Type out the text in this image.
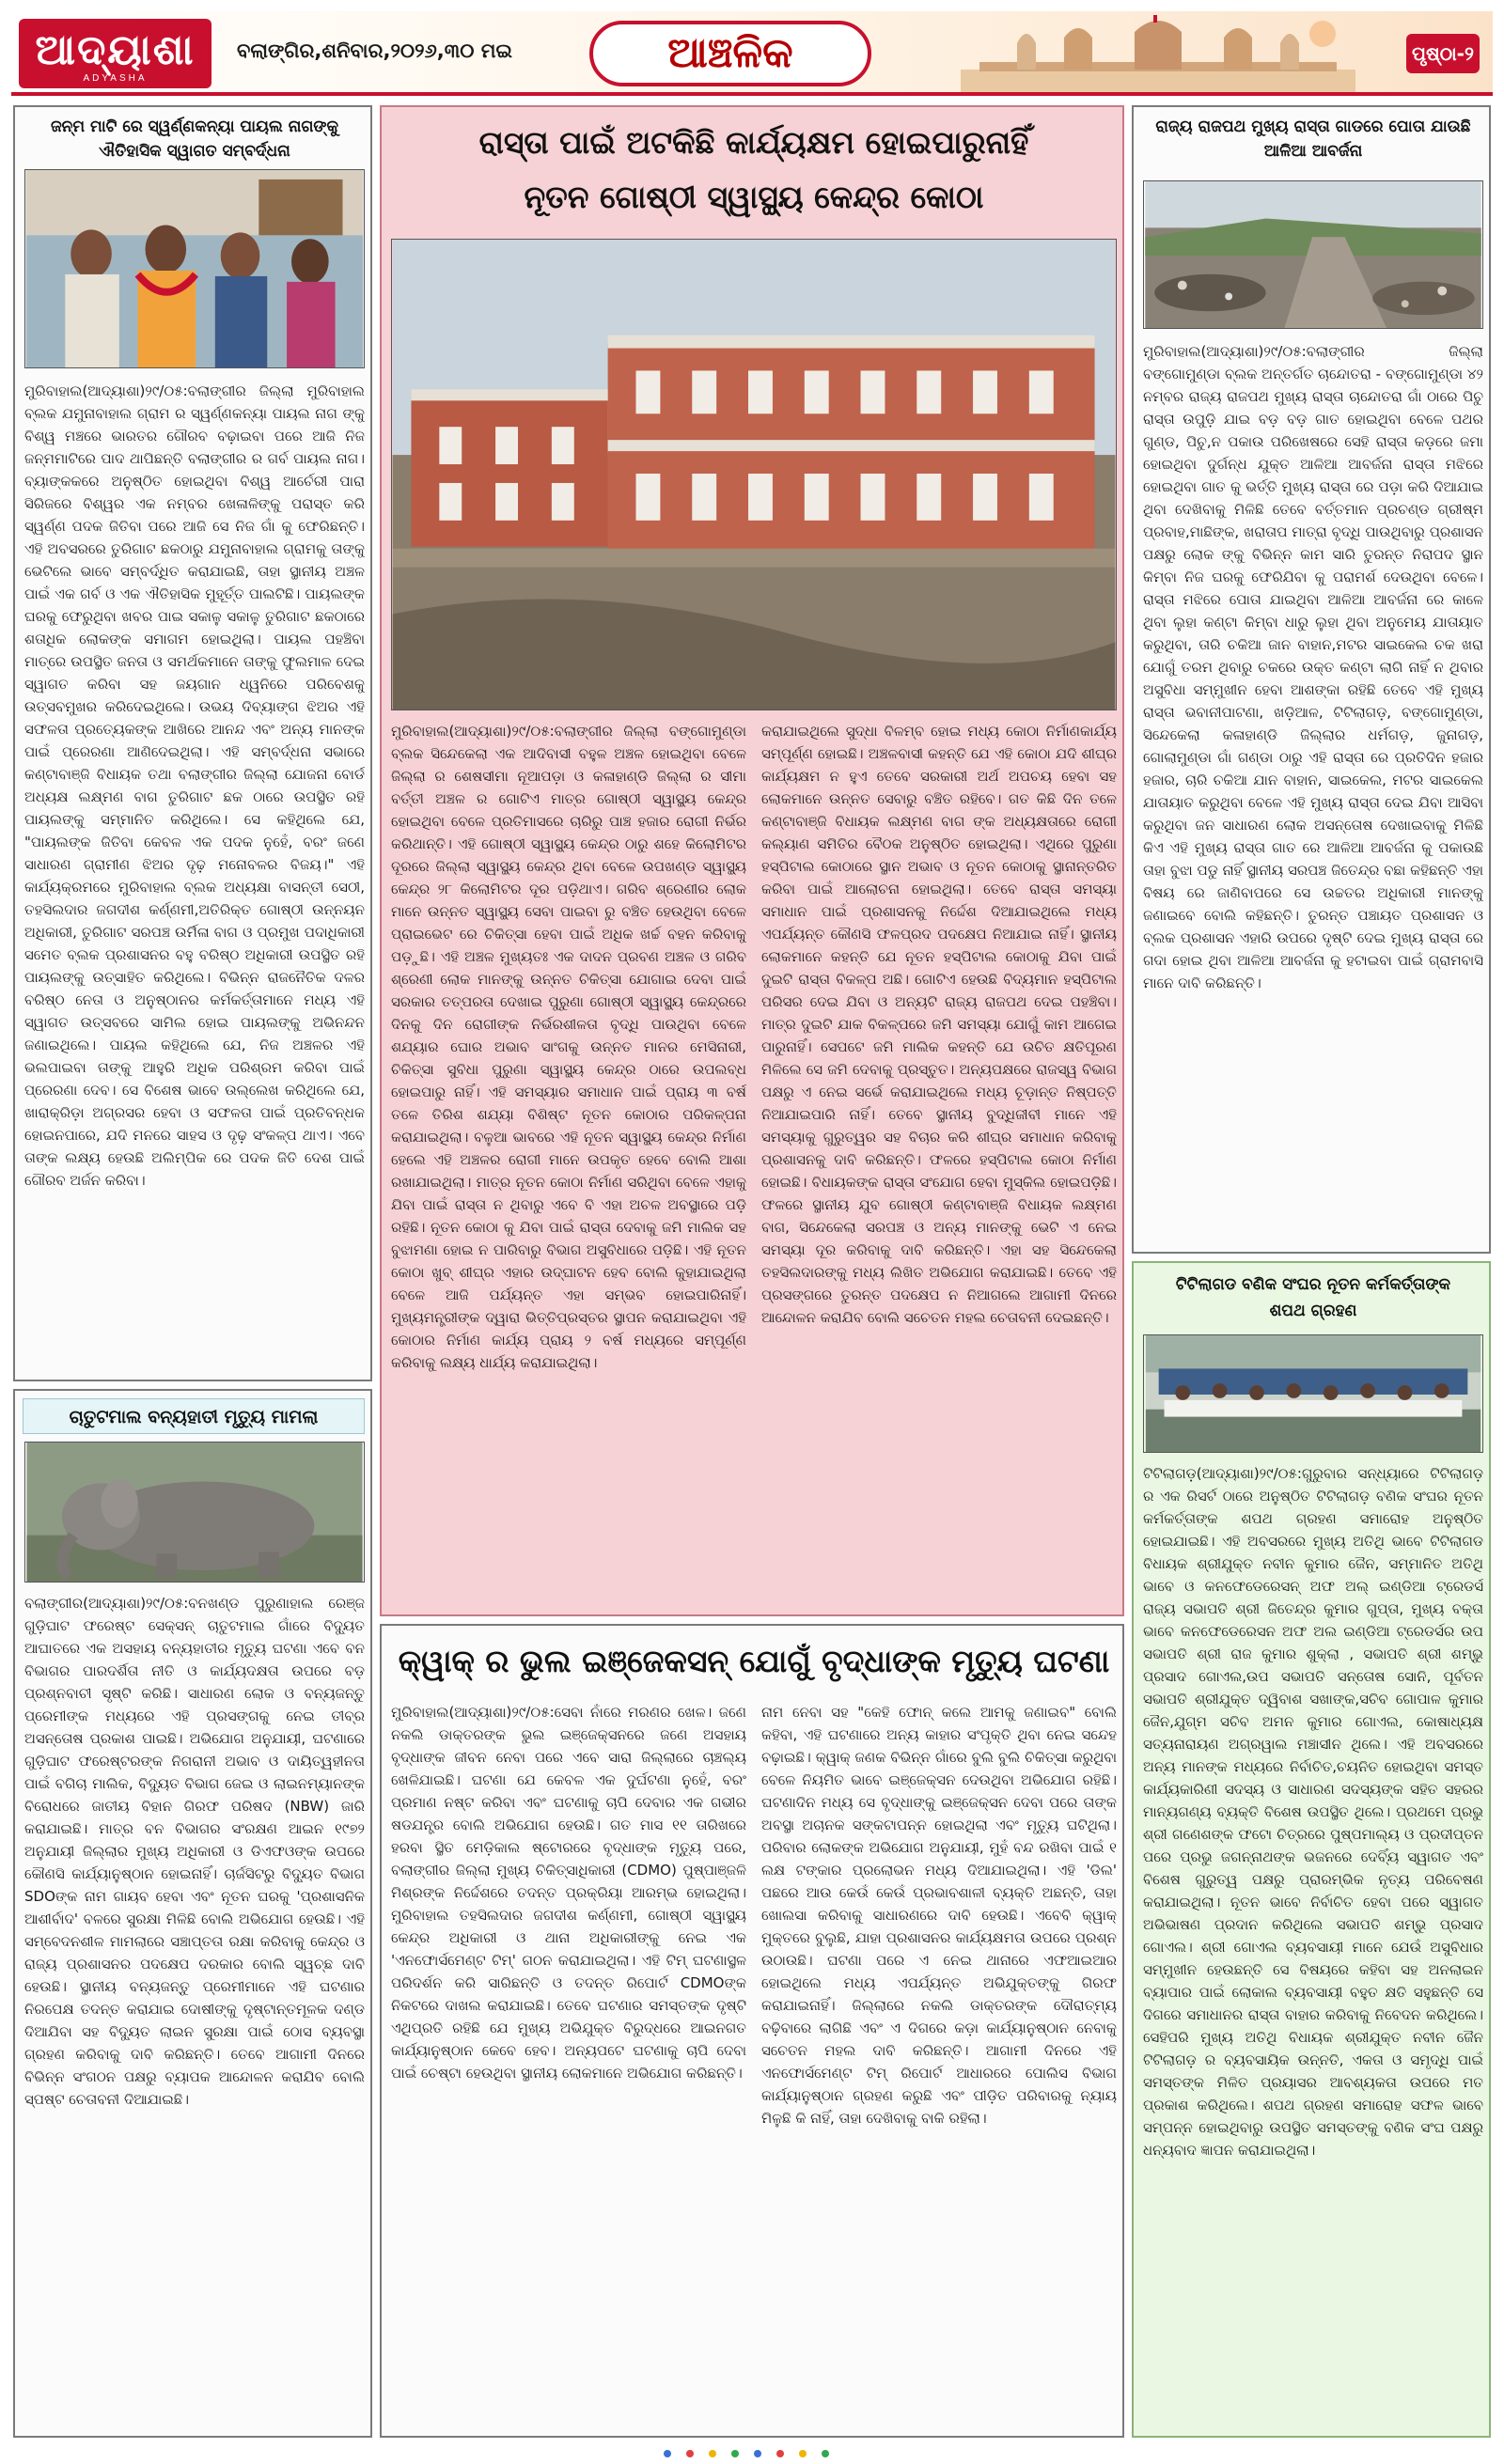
ଆଦ୍ୟାଶା
ADYASHA
ବଲାଙ୍ଗିର,ଶନିବାର,୨୦୨୬,୩୦ ମଇ	ଆଞ୍ଚଳିକ	ପୃଷ୍ଠା-୨
ଜନ୍ମ ମାଟି ରେ ସ୍ୱର୍ଣ୍ଣକନ୍ୟା ପାୟଲ ନାଗଙ୍କୁ ଐତିହାସିକ ସ୍ୱାଗତ ସମ୍ବର୍ଦ୍ଧନା
ମୁରିବାହାଲ(ଆଦ୍ୟାଶା)୨୯/୦୫:ବଲାଙ୍ଗୀର ଜିଲ୍ଲା ମୁରିବାହାଲ ବ୍ଲକ ଯମୁନାବାହାଲ ଗ୍ରାମ ର ସ୍ୱର୍ଣ୍ଣକନ୍ୟା ପାୟଲ ନାଗ ଙ୍କୁ ବିଶ୍ୱ ମଞ୍ଚରେ ଭାରତର ଗୌରବ ବଢ଼ାଇବା ପରେ ଆଜି ନିଜ ଜନ୍ମମାଟିରେ ପାଦ ଥାପିଛନ୍ତି ବଲାଙ୍ଗୀର ର ଗର୍ବ ପାୟଲ ନାଗ। ବ୍ୟାଙ୍କକରେ ଅନୁଷ୍ଠିତ ହୋଇଥିବା ବିଶ୍ୱ ଆର୍ଚେରୀ ପାରା ସିରିଜରେ ବିଶ୍ୱର ଏକ ନମ୍ବର ଖେଳାଳିଙ୍କୁ ପରାସ୍ତ କରି ସ୍ୱର୍ଣ୍ଣ ପଦକ ଜିତିବା ପରେ ଆଜି ସେ ନିଜ ଗାଁ କୁ ଫେରିଛନ୍ତି। ଏହି ଅବସରରେ ତୁରିଗାଟ ଛକଠାରୁ ଯମୁନାବାହାଲ ଗ୍ରାମକୁ ତାଙ୍କୁ ଭେଟିଲେ ଭାବେ ସମ୍ବର୍ଦ୍ଧିତ କରାଯାଇଛି, ତାହା ସ୍ଥାନୀୟ ଅଞ୍ଚଳ ପାଇଁ ଏକ ଗର୍ବ ଓ ଏକ ଐତିହାସିକ ମୁହୂର୍ତ୍ତ ପାଲଟିଛି। ପାୟଲଙ୍କ ଘରକୁ ଫେରୁଥିବା ଖବର ପାଇ ସକାଳୁ ସକାଳୁ ତୁରିଗାଟ ଛକଠାରେ ଶତାଧିକ ଲୋକଙ୍କ ସମାଗମ ହୋଇଥିଲା। ପାୟଲ ପହଞ୍ଚିବା ମାତ୍ରେ ଉପସ୍ଥିତ ଜନତା ଓ ସମର୍ଥକମାନେ ତାଙ୍କୁ ଫୁଲମାଳ ଦେଇ ସ୍ୱାଗତ କରିବା ସହ ଜୟଗାନ ଧ୍ୱନିରେ ପରିବେଶକୁ ଉତ୍ସବମୁଖର କରିଦେଇଥିଲେ। ଉଭୟ ଦିବ୍ୟାଙ୍ଗ ଝିଅର ଏହି ସଫଳତା ପ୍ରତ୍ୟେକଙ୍କ ଆଖିରେ ଆନନ୍ଦ ଏବଂ ଅନ୍ୟ ମାନଙ୍କ ପାଇଁ ପ୍ରେରଣା ଆଣିଦେଇଥିଲା। ଏହି ସମ୍ବର୍ଦ୍ଧନା ସଭାରେ କଣ୍ଟାବାଞ୍ଜି ବିଧାୟକ ତଥା ବଲାଙ୍ଗୀର ଜିଲ୍ଲା ଯୋଜନା ବୋର୍ଡ ଅଧ୍ୟକ୍ଷ ଲକ୍ଷ୍ମଣ ବାଗ ତୁରିଗାଟ ଛକ ଠାରେ ଉପସ୍ଥିତ ରହି ପାୟଲଙ୍କୁ ସମ୍ମାନିତ କରିଥିଲେ। ସେ କହିଥିଲେ ଯେ, "ପାୟଲଙ୍କ ଜିତିବା କେବଳ ଏକ ପଦକ ନୁହେଁ, ବରଂ ଜଣେ ସାଧାରଣ ଗ୍ରାମୀଣ ଝିଅର ଦୃଢ଼ ମନୋବଳର ବିଜୟ।" ଏହି କାର୍ଯ୍ୟକ୍ରମରେ ମୁରିବାହାଲ ବ୍ଲକ ଅଧ୍ୟକ୍ଷା ବାସନ୍ତୀ ସେଠୀ, ତହସିଲଦାର ଜଗଦୀଶ କର୍ଣ୍ଣମୀ,ଅତିରିକ୍ତ ଗୋଷ୍ଠୀ ଉନ୍ନୟନ ଅଧିକାରୀ, ତୁରିଗାଟ ସରପଞ୍ଚ ଉର୍ମିଳା ବାଗ ଓ ପ୍ରମୁଖ ପଦାଧିକାରୀ ସମେତ ବ୍ଲକ ପ୍ରଶାସନର ବହୁ ବରିଷ୍ଠ ଅଧିକାରୀ ଉପସ୍ଥିତ ରହି ପାୟଲଙ୍କୁ ଉତ୍ସାହିତ କରିଥିଲେ। ବିଭିନ୍ନ ରାଜନୈତିକ ଦଳର ବରିଷ୍ଠ ନେତା ଓ ଅନୁଷ୍ଠାନର କର୍ମକର୍ତ୍ତାମାନେ ମଧ୍ୟ ଏହି ସ୍ୱାଗତ ଉତ୍ସବରେ ସାମିଲ ହୋଇ ପାୟଲଙ୍କୁ ଅଭିନନ୍ଦନ ଜଣାଇଥିଲେ। ପାୟଲ କହିଥିଲେ ଯେ, ନିଜ ଅଞ୍ଚଳର ଏହି ଭଲପାଇବା ତାଙ୍କୁ ଆହୁରି ଅଧିକ ପରିଶ୍ରମ କରିବା ପାଇଁ ପ୍ରେରଣା ଦେବ। ସେ ବିଶେଷ ଭାବେ ଉଲ୍ଲେଖ କରିଥିଲେ ଯେ, ଖାରାକ୍ରିଡ଼ା ଅଗ୍ରସର ହେବା ଓ ସଫଳତା ପାଇଁ ପ୍ରତିବନ୍ଧକ ହୋଇନପାରେ, ଯଦି ମନରେ ସାହସ ଓ ଦୃଢ଼ ସଂକଳ୍ପ ଥାଏ। ଏବେ ତାଙ୍କ ଲକ୍ଷ୍ୟ ହେଉଛି ଅଲିମ୍ପିକ ରେ ପଦକ ଜିତି ଦେଶ ପାଇଁ ଗୌରବ ଅର୍ଜନ କରିବା।
ଚାତୁଟମାଲ ବନ୍ୟହାତୀ ମୃତ୍ୟୁ ମାମଲା
ବଲାଙ୍ଗୀର(ଆଦ୍ୟାଶା)୨୯/୦୫:ବନଖଣ୍ଡ ପୁରୁଣାହାଲ ରେଞ୍ଜ ଗୁଡ଼ିଘାଟ ଫରେଷ୍ଟ ସେକ୍ସନ୍ ଚାତୁଟମାଲ ଗାଁରେ ବିଦ୍ୟୁତ ଆଘାତରେ ଏକ ଅସହାୟ ବନ୍ୟହାତୀର ମୃତ୍ୟୁ ଘଟଣା ଏବେ ବନ ବିଭାଗର ପାରଦର୍ଶିତା ନୀତି ଓ କାର୍ଯ୍ୟଦକ୍ଷତା ଉପରେ ବଡ଼ ପ୍ରଶ୍ନବାଚୀ ସୃଷ୍ଟି କରିଛି। ସାଧାରଣ ଲୋକ ଓ ବନ୍ୟଜନ୍ତୁ ପ୍ରେମୀଙ୍କ ମଧ୍ୟରେ ଏହି ପ୍ରସଙ୍ଗକୁ ନେଇ ତୀବ୍ର ଅସନ୍ତୋଷ ପ୍ରକାଶ ପାଇଛି। ଅଭିଯୋଗ ଅନୁଯାୟୀ, ଘଟଣାରେ ଗୁଡ଼ିଘାଟ ଫରେଷ୍ଟରଙ୍କ ନିଗରାନୀ ଅଭାବ ଓ ଦାୟିତ୍ୱହୀନତା ପାଇଁ ବଗିଚା ମାଲିକ, ବିଦ୍ୟୁତ ବିଭାଗ ଜେଇ ଓ ଲାଇନମ୍ୟାନଙ୍କ ବିରୋଧରେ ଜାତୀୟ ବିହାନ ଗିରଫ ପରିଷଦ (NBW) ଜାରି କରାଯାଇଛି। ମାତ୍ର ବନ ବିଭାଗର ସଂରକ୍ଷଣ ଆଇନ ୧୯୭୨ ଅନୁଯାୟୀ ଜିଲ୍ଲାର ମୁଖ୍ୟ ଅଧିକାରୀ ଓ ଡିଏଫଓଙ୍କ ଉପରେ କୌଣସି କାର୍ଯ୍ୟାନୁଷ୍ଠାନ ହୋଇନାହିଁ। ଚାର୍ଜସିଟରୁ ବିଦ୍ୟୁତ ବିଭାଗ SDOଙ୍କ ନାମ ଗାୟବ ହେବା ଏବଂ ନୂତନ ଘରକୁ 'ପ୍ରଶାସନିକ ଆଶୀର୍ବାଦ' ବଳରେ ସୁରକ୍ଷା ମିଳିଛି ବୋଲି ଅଭିଯୋଗ ହେଉଛି। ଏହି ସମ୍ବେଦନଶୀଳ ମାମଲାରେ ସଞ୍ଚାପ୍ତତା ରକ୍ଷା କରିବାକୁ କେନ୍ଦ୍ର ଓ ରାଜ୍ୟ ପ୍ରଶାସନର ପଦକ୍ଷେପ ଦରକାର ବୋଲି ସ୍ୱଚ୍ଛ ଦାବି ହେଉଛି। ସ୍ଥାନୀୟ ବନ୍ୟଜନ୍ତୁ ପ୍ରେମୀମାନେ ଏହି ଘଟଣାର ନିରପେକ୍ଷ ତଦନ୍ତ କରାଯାଇ ଦୋଷୀଙ୍କୁ ଦୃଷ୍ଟାନ୍ତମୂଳକ ଦଣ୍ଡ ଦିଆଯିବା ସହ ବିଦ୍ୟୁତ ଲାଇନ ସୁରକ୍ଷା ପାଇଁ ଠୋସ ବ୍ୟବସ୍ଥା ଗ୍ରହଣ କରିବାକୁ ଦାବି କରିଛନ୍ତି। ତେବେ ଆଗାମୀ ଦିନରେ ବିଭିନ୍ନ ସଂଗଠନ ପକ୍ଷରୁ ବ୍ୟାପକ ଆନ୍ଦୋଳନ କରାଯିବ ବୋଲି ସ୍ପଷ୍ଟ ଚେତାବନୀ ଦିଆଯାଇଛି।
ରାସ୍ତା ପାଇଁ ଅଟକିଛି କାର୍ଯ୍ୟକ୍ଷମ ହୋଇପାରୁନାହିଁ
ନୂତନ ଗୋଷ୍ଠୀ ସ୍ୱାସ୍ଥ୍ୟ କେନ୍ଦ୍ର କୋଠା
ମୁରିବାହାଲ(ଆଦ୍ୟାଶା)୨୯/୦୫:ବଲାଙ୍ଗୀର ଜିଲ୍ଲା ବଙ୍ଗୋମୁଣ୍ଡା ବ୍ଲକ ସିନ୍ଦେକେଲା ଏକ ଆଦିବାସୀ ବହୁଳ ଅଞ୍ଚଳ ହୋଇଥିବା ବେଳେ ଜିଲ୍ଲା ର ଶେଷସୀମା ନୂଆପଡ଼ା ଓ କଳାହାଣ୍ଡି ଜିଲ୍ଲା ର ସୀମା ବର୍ତ୍ତୀ ଅଞ୍ଚଳ ର ଗୋଟିଏ ମାତ୍ର ଗୋଷ୍ଠୀ ସ୍ୱାସ୍ଥ୍ୟ କେନ୍ଦ୍ର ହୋଇଥିବା ବେଳେ ପ୍ରତିମାସରେ ଚାରିରୁ ପାଞ୍ଚ ହଜାର ରୋଗୀ ନିର୍ଭର କରିଥାନ୍ତି। ଏହି ଗୋଷ୍ଠୀ ସ୍ୱାସ୍ଥ୍ୟ କେନ୍ଦ୍ର ଠାରୁ ଶହେ କିଲୋମିଟର ଦୂରରେ ଜିଲ୍ଲା ସ୍ୱାସ୍ଥ୍ୟ କେନ୍ଦ୍ର ଥିବା ବେଳେ ଉପଖଣ୍ଡ ସ୍ୱାସ୍ଥ୍ୟ କେନ୍ଦ୍ର ୨୮ କିଲୋମିଟର ଦୂର ପଡ଼ିଥାଏ। ଗରିବ ଶ୍ରେଣୀର ଲୋକ ମାନେ ଉନ୍ନତ ସ୍ୱାସ୍ଥ୍ୟ ସେବା ପାଇବା ରୁ ବଞ୍ଚିତ ହେଉଥିବା ବେଳେ ପ୍ରାଇଭେଟ ରେ ଚିକିତ୍ସା ହେବା ପାଇଁ ଅଧିକ ଖର୍ଚ୍ଚ ବହନ କରିବାକୁ ପଡ଼ୁଛି। ଏହି ଅଞ୍ଚଳ ମୁଖ୍ୟତଃ ଏକ ଦାଦନ ପ୍ରବଣ ଅଞ୍ଚଳ ଓ ଗରିବ ଶ୍ରେଣୀ ଲୋକ ମାନଙ୍କୁ ଉନ୍ନତ ଚିକିତ୍ସା ଯୋଗାଇ ଦେବା ପାଇଁ ସରକାର ତତ୍ପରତା ଦେଖାଇ ପୁରୁଣା ଗୋଷ୍ଠୀ ସ୍ୱାସ୍ଥ୍ୟ କେନ୍ଦ୍ରରେ ଦିନକୁ ଦିନ ରୋଗୀଙ୍କ ନିର୍ଭରଶୀଳତା ବୃଦ୍ଧି ପାଉଥିବା ବେଳେ ଶଯ୍ୟାର ଘୋର ଅଭାବ ସାଂଗକୁ ଉନ୍ନତ ମାନର ମେସିନାରୀ, ଚିକିତ୍ସା ସୁବିଧା ପୁରୁଣା ସ୍ୱାସ୍ଥ୍ୟ କେନ୍ଦ୍ର ଠାରେ ଉପଲବ୍ଧ ହୋଇପାରୁ ନାହିଁ। ଏହି ସମସ୍ୟାର ସମାଧାନ ପାଇଁ ପ୍ରାୟ ୩ ବର୍ଷ ତଳେ ତିରିଶ ଶଯ୍ୟା ବିଶିଷ୍ଟ ନୂତନ କୋଠାର ପରିକଳ୍ପନା କରାଯାଇଥିଲା। ବଳୁଆ ଭାବରେ ଏହି ନୂତନ ସ୍ୱାସ୍ଥ୍ୟ କେନ୍ଦ୍ର ନିର୍ମାଣ ହେଲେ ଏହି ଅଞ୍ଚଳର ରୋଗୀ ମାନେ ଉପକୃତ ହେବେ ବୋଲି ଆଶା ରଖାଯାଇଥିଲା। ମାତ୍ର ନୂତନ କୋଠା ନିର୍ମାଣ ସରିଥିବା ବେଳେ ଏହାକୁ ଯିବା ପାଇଁ ରାସ୍ତା ନ ଥିବାରୁ ଏବେ ବି ଏହା ଅଚଳ ଅବସ୍ଥାରେ ପଡ଼ି ରହିଛି। ନୂତନ କୋଠା କୁ ଯିବା ପାଇଁ ରାସ୍ତା ଦେବାକୁ ଜମି ମାଲିକ ସହ ବୁଝାମଣା ହୋଇ ନ ପାରିବାରୁ ବିଭାଗ ଅସୁବିଧାରେ ପଡ଼ିଛି। ଏହି ନୂତନ କୋଠା ଖୁବ୍ ଶୀଘ୍ର ଏହାର ଉଦ୍‌ଘାଟନ ହେବ ବୋଲି କୁହାଯାଇଥିଲା ବେଳେ ଆଜି ପର୍ଯ୍ୟନ୍ତ ଏହା ସମ୍ଭବ ହୋଇପାରିନାହିଁ। ମୁଖ୍ୟମନ୍ତ୍ରୀଙ୍କ ଦ୍ୱାରା ଭିତ୍ତିପ୍ରସ୍ତର ସ୍ଥାପନ କରାଯାଇଥିବା ଏହି କୋଠାର ନିର୍ମାଣ କାର୍ଯ୍ୟ ପ୍ରାୟ ୨ ବର୍ଷ ମଧ୍ୟରେ ସମ୍ପୂର୍ଣ୍ଣ କରିବାକୁ ଲକ୍ଷ୍ୟ ଧାର୍ଯ୍ୟ କରାଯାଇଥିଲା।
କରାଯାଇଥିଲେ ସୁଦ୍ଧା ବିଳମ୍ବ ହୋଇ ମଧ୍ୟ କୋଠା ନିର୍ମାଣକାର୍ଯ୍ୟ ସମ୍ପୂର୍ଣ୍ଣ ହୋଇଛି। ଅଞ୍ଚଳବାସୀ କହନ୍ତି ଯେ ଏହି କୋଠା ଯଦି ଶୀଘ୍ର କାର୍ଯ୍ୟକ୍ଷମ ନ ହୁଏ ତେବେ ସରକାରୀ ଅର୍ଥ ଅପଚୟ ହେବା ସହ ଲୋକମାନେ ଉନ୍ନତ ସେବାରୁ ବଞ୍ଚିତ ରହିବେ। ଗତ କିଛି ଦିନ ତଳେ କଣ୍ଟାବାଞ୍ଜି ବିଧାୟକ ଲକ୍ଷ୍ମଣ ବାଗ ଙ୍କ ଅଧ୍ୟକ୍ଷତାରେ ରୋଗୀ କଲ୍ୟାଣ ସମିତିର ବୈଠକ ଅନୁଷ୍ଠିତ ହୋଇଥିଲା। ଏଥିରେ ପୁରୁଣା ହସ୍ପିଟାଲ କୋଠାରେ ସ୍ଥାନ ଅଭାବ ଓ ନୂତନ କୋଠାକୁ ସ୍ଥାନାନ୍ତରିତ କରିବା ପାଇଁ ଆଲୋଚନା ହୋଇଥିଲା। ତେବେ ରାସ୍ତା ସମସ୍ୟା ସମାଧାନ ପାଇଁ ପ୍ରଶାସନକୁ ନିର୍ଦ୍ଦେଶ ଦିଆଯାଇଥିଲେ ମଧ୍ୟ ଏପର୍ଯ୍ୟନ୍ତ କୌଣସି ଫଳପ୍ରଦ ପଦକ୍ଷେପ ନିଆଯାଇ ନାହିଁ। ସ୍ଥାନୀୟ ଲୋକମାନେ କହନ୍ତି ଯେ ନୂତନ ହସ୍ପିଟାଲ କୋଠାକୁ ଯିବା ପାଇଁ ଦୁଇଟି ରାସ୍ତା ବିକଳ୍ପ ଅଛି। ଗୋଟିଏ ହେଉଛି ବିଦ୍ୟମାନ ହସ୍ପିଟାଲ ପରିସର ଦେଇ ଯିବା ଓ ଅନ୍ୟଟି ରାଜ୍ୟ ରାଜପଥ ଦେଇ ପହଞ୍ଚିବା। ମାତ୍ର ଦୁଇଟି ଯାକ ବିକଳ୍ପରେ ଜମି ସମସ୍ୟା ଯୋଗୁଁ କାମ ଆଗେଇ ପାରୁନାହିଁ। ସେପଟେ ଜମି ମାଲିକ କହନ୍ତି ଯେ ଉଚିତ କ୍ଷତିପୂରଣ ମିଳିଲେ ସେ ଜମି ଦେବାକୁ ପ୍ରସ୍ତୁତ। ଅନ୍ୟପକ୍ଷରେ ରାଜସ୍ୱ ବିଭାଗ ପକ୍ଷରୁ ଏ ନେଇ ସର୍ଭେ କରାଯାଇଥିଲେ ମଧ୍ୟ ଚୂଡ଼ାନ୍ତ ନିଷ୍ପତ୍ତି ନିଆଯାଇପାରି ନାହିଁ। ତେବେ ସ୍ଥାନୀୟ ବୁଦ୍ଧିଜୀବୀ ମାନେ ଏହି ସମସ୍ୟାକୁ ଗୁରୁତ୍ୱର ସହ ବିଚାର କରି ଶୀଘ୍ର ସମାଧାନ କରିବାକୁ ପ୍ରଶାସନକୁ ଦାବି କରିଛନ୍ତି। ଫଳରେ ହସ୍ପିଟାଲ କୋଠା ନିର୍ମାଣ ହୋଇଛି। ବିଧାୟକଙ୍କ ରାସ୍ତା ସଂଯୋଗ ହେବା ମୁସ୍କିଲ ହୋଇପଡ଼ିଛି। ଫଳରେ ସ୍ଥାନୀୟ ଯୁବ ଗୋଷ୍ଠୀ କଣ୍ଟାବାଞ୍ଜି ବିଧାୟକ ଲକ୍ଷ୍ମଣ ବାଗ, ସିନ୍ଦେକେଲା ସରପଞ୍ଚ ଓ ଅନ୍ୟ ମାନଙ୍କୁ ଭେଟି ଏ ନେଇ ସମସ୍ୟା ଦୂର କରିବାକୁ ଦାବି କରିଛନ୍ତି। ଏହା ସହ ସିନ୍ଦେକେଲା ତହସିଲଦାରଙ୍କୁ ମଧ୍ୟ ଲିଖିତ ଅଭିଯୋଗ କରାଯାଇଛି। ତେବେ ଏହି ପ୍ରସଙ୍ଗରେ ତୁରନ୍ତ ପଦକ୍ଷେପ ନ ନିଆଗଲେ ଆଗାମୀ ଦିନରେ ଆନ୍ଦୋଳନ କରାଯିବ ବୋଲି ସଚେତନ ମହଲ ଚେତାବନୀ ଦେଇଛନ୍ତି।
କ୍ୱାକ୍ ର ଭୁଲ ଇଞ୍ଜେକସନ୍ ଯୋଗୁଁ ବୃଦ୍ଧାଙ୍କ ମୃତ୍ୟୁ ଘଟଣା
ମୁରିବାହାଲ(ଆଦ୍ୟାଶା)୨୯/୦୫:ସେବା ନାଁରେ ମରଣର ଖେଳ। ଜଣେ ନକଲି ଡାକ୍ତରଙ୍କ ଭୁଲ ଇଞ୍ଜେକ୍ସନରେ ଜଣେ ଅସହାୟ ବୃଦ୍ଧାଙ୍କ ଜୀବନ ନେବା ପରେ ଏବେ ସାରା ଜିଲ୍ଲାରେ ଚାଞ୍ଚଲ୍ୟ ଖେଳିଯାଇଛି। ଘଟଣା ଯେ କେବଳ ଏକ ଦୁର୍ଘଟଣା ନୁହେଁ, ବରଂ ପ୍ରମାଣ ନଷ୍ଟ କରିବା ଏବଂ ଘଟଣାକୁ ଚାପି ଦେବାର ଏକ ଗଭୀର ଷଡଯନ୍ତ୍ର ବୋଲି ଅଭିଯୋଗ ହେଉଛି। ଗତ ମାସ ୧୧ ତାରିଖରେ ହରବା ସ୍ଥିତ ମେଡ଼ିକାଲ ଷ୍ଟୋରରେ ବୃଦ୍ଧାଙ୍କ ମୃତ୍ୟୁ ପରେ, ବଲାଙ୍ଗୀର ଜିଲ୍ଲା ମୁଖ୍ୟ ଚିକିତ୍ସାଧିକାରୀ (CDMO) ପୁଷ୍ପାଞ୍ଜଳି ମିଶ୍ରଙ୍କ ନିର୍ଦ୍ଦେଶରେ ତଦନ୍ତ ପ୍ରକ୍ରିୟା ଆରମ୍ଭ ହୋଇଥିଲା। ମୁରିବାହାଲ ତହସିଲଦାର ଜଗଦୀଶ କର୍ଣ୍ଣମୀ, ଗୋଷ୍ଠୀ ସ୍ୱାସ୍ଥ୍ୟ କେନ୍ଦ୍ର ଅଧିକାରୀ ଓ ଥାନା ଅଧିକାରୀଙ୍କୁ ନେଇ ଏକ 'ଏନଫୋର୍ସମେଣ୍ଟ ଟିମ୍' ଗଠନ କରାଯାଇଥିଲା। ଏହି ଟିମ୍ ଘଟଣାସ୍ଥଳ ପରିଦର୍ଶନ କରି ସାରିଛନ୍ତି ଓ ତଦନ୍ତ ରିପୋର୍ଟ CDMOଙ୍କ ନିକଟରେ ଦାଖଲ କରାଯାଇଛି। ତେବେ ଘଟଣାର ସମସ୍ତଙ୍କ ଦୃଷ୍ଟି ଏଥିପ୍ରତି ରହିଛି ଯେ ମୁଖ୍ୟ ଅଭିଯୁକ୍ତ ବିରୁଦ୍ଧରେ ଆଇନଗତ କାର୍ଯ୍ୟାନୁଷ୍ଠାନ କେବେ ହେବ। ଅନ୍ୟପଟେ ଘଟଣାକୁ ଚାପି ଦେବା ପାଇଁ ଚେଷ୍ଟା ହେଉଥିବା ସ୍ଥାନୀୟ ଲୋକମାନେ ଅଭିଯୋଗ କରିଛନ୍ତି।
ନାମ ନେବା ସହ "କେହି ଫୋନ୍ କଲେ ଆମକୁ ଜଣାଇବ" ବୋଲି କହିବା, ଏହି ଘଟଣାରେ ଅନ୍ୟ କାହାର ସଂପୃକ୍ତି ଥିବା ନେଇ ସନ୍ଦେହ ବଢ଼ାଇଛି। କ୍ୱାକ୍ ଜଣକ ବିଭିନ୍ନ ଗାଁରେ ବୁଲି ବୁଲି ଚିକିତ୍ସା କରୁଥିବା ବେଳେ ନିୟମିତ ଭାବେ ଇଞ୍ଜେକ୍ସନ ଦେଉଥିବା ଅଭିଯୋଗ ରହିଛି। ଘଟଣାଦିନ ମଧ୍ୟ ସେ ବୃଦ୍ଧାଙ୍କୁ ଇଞ୍ଜେକ୍ସନ ଦେବା ପରେ ତାଙ୍କ ଅବସ୍ଥା ଅଚାନକ ସଙ୍କଟାପନ୍ନ ହୋଇଥିଲା ଏବଂ ମୃତ୍ୟୁ ଘଟିଥିଲା। ପରିବାର ଲୋକଙ୍କ ଅଭିଯୋଗ ଅନୁଯାୟୀ, ମୁହଁ ବନ୍ଦ ରଖିବା ପାଇଁ ୧ ଲକ୍ଷ ଟଙ୍କାର ପ୍ରଲୋଭନ ମଧ୍ୟ ଦିଆଯାଇଥିଲା। ଏହି 'ଡିଲ' ପଛରେ ଆଉ କେଉଁ କେଉଁ ପ୍ରଭାବଶାଳୀ ବ୍ୟକ୍ତି ଅଛନ୍ତି, ତାହା ଖୋଲସା କରିବାକୁ ସାଧାରଣରେ ଦାବି ହେଉଛି। ଏବେବି କ୍ୱାକ୍ ମୁକ୍ତରେ ବୁଲୁଛି, ଯାହା ପ୍ରଶାସନର କାର୍ଯ୍ୟକ୍ଷମତା ଉପରେ ପ୍ରଶ୍ନ ଉଠାଉଛି। ଘଟଣା ପରେ ଏ ନେଇ ଥାନାରେ ଏଫଆଇଆର ହୋଇଥିଲେ ମଧ୍ୟ ଏପର୍ଯ୍ୟନ୍ତ ଅଭିଯୁକ୍ତଙ୍କୁ ଗିରଫ କରାଯାଇନାହିଁ। ଜିଲ୍ଲାରେ ନକଲି ଡାକ୍ତରଙ୍କ ଦୌରାତ୍ମ୍ୟ ବଢ଼ିବାରେ ଲାଗିଛି ଏବଂ ଏ ଦିଗରେ କଡ଼ା କାର୍ଯ୍ୟାନୁଷ୍ଠାନ ନେବାକୁ ସଚେତନ ମହଲ ଦାବି କରିଛନ୍ତି। ଆଗାମୀ ଦିନରେ ଏହି ଏନଫୋର୍ସମେଣ୍ଟ ଟିମ୍ ରିପୋର୍ଟ ଆଧାରରେ ପୋଲିସ ବିଭାଗ କାର୍ଯ୍ୟାନୁଷ୍ଠାନ ଗ୍ରହଣ କରୁଛି ଏବଂ ପୀଡ଼ିତ ପରିବାରକୁ ନ୍ୟାୟ ମିଳୁଛି କି ନାହିଁ, ତାହା ଦେଖିବାକୁ ବାକି ରହିଲା।
ରାଜ୍ୟ ରାଜପଥ ମୁଖ୍ୟ ରାସ୍ତା ଗାଡରେ ପୋତା ଯାଉଛି ଆଳିଆ ଆବର୍ଜନା
ମୁରିବାହାଲ(ଆଦ୍ୟାଶା)୨୯/୦୫:ବଲାଙ୍ଗୀର ଜିଲ୍ଲା ବଙ୍ଗୋମୁଣ୍ଡା ବ୍ଲକ ଅନ୍ତର୍ଗତ ଚାନ୍ଦୋତରା - ବଙ୍ଗୋମୁଣ୍ଡା ୪୨ ନମ୍ବର ରାଜ୍ୟ ରାଜପଥ ମୁଖ୍ୟ ରାସ୍ତା ଚାନ୍ଦୋତରା ଗାଁ ଠାରେ ପିଚୁ ରାସ୍ତା ଉପୁଡ଼ି ଯାଇ ବଡ଼ ବଡ଼ ଗାତ ହୋଇଥିବା ବେଳେ ପଥର ଗୁଣ୍ଡ, ପିଚୁ,ନ ପକାଉ ପରିଖେଷରେ ସେହି ରାସ୍ତା କଡ଼ରେ ଜମା ହୋଇଥିବା ଦୁର୍ଗନ୍ଧ ଯୁକ୍ତ ଆଳିଆ ଆବର୍ଜନା ରାସ୍ତା ମଝିରେ ହୋଇଥିବା ଗାତ କୁ ଭର୍ତ୍ତି ମୁଖ୍ୟ ରାସ୍ତା ରେ ପଡ଼ା କରି ଦିଆଯାଇ ଥିବା ଦେଖିବାକୁ ମିଳିଛି ତେବେ ବର୍ତ୍ତମାନ ପ୍ରଚଣ୍ଡ ଗ୍ରୀଷ୍ମ ପ୍ରବାହ,ମାଛିଙ୍କ, ଖରାତାପ ମାତ୍ରା ବୃଦ୍ଧି ପାଉଥିବାରୁ ପ୍ରଶାସନ ପକ୍ଷରୁ ଲୋକ ଙ୍କୁ ବିଭିନ୍ନ କାମ ସାରି ତୁରନ୍ତ ନିରାପଦ ସ୍ଥାନ କିମ୍ବା ନିଜ ଘରକୁ ଫେରିଯିବା କୁ ପରାମର୍ଶ ଦେଉଥିବା ବେଳେ।ରାସ୍ତା ମଝିରେ ପୋତା ଯାଇଥିବା ଆଳିଆ ଆବର୍ଜନା ରେ କାଳେ ଥିବା ଲୁହା କଣ୍ଟା କିମ୍ବା ଧାରୁ ଲୁହା ଥିବା ଅନୁମେୟ ଯାତାୟାତ କରୁଥିବା, ତାରି ଚକିଆ ଜାନ ବାହାନ,ମଟର ସାଇକେଲ ଚକ ଖରା ଯୋଗୁଁ ତରମ ଥିବାରୁ ଚକରେ ଉକ୍ତ କଣ୍ଟା ଲାଗି ନାହିଁ ନ ଥିବାର ଅସୁବିଧା ସମ୍ମୁଖୀନ ହେବା ଆଶଙ୍କା ରହିଛି ତେବେ ଏହି ମୁଖ୍ୟ ରାସ୍ତା ଭବାନୀପାଟଣା, ଖଡ଼ିଆଳ, ଟିଟିଲାଗଡ଼, ବଙ୍ଗୋମୁଣ୍ଡା, ସିନ୍ଦେକେଲା କଳାହାଣ୍ଡି ଜିଲ୍ଲାର ଧର୍ମଗଡ଼, ଜୁନାଗଡ଼, ଗୋଲାମୁଣ୍ଡା ଗାଁ ଗଣ୍ଡା ଠାରୁ ଏହି ରାସ୍ତା ରେ ପ୍ରତିଦିନ ହଜାର ହଜାର, ଚାରି ଚକିଆ ଯାନ ବାହାନ, ସାଇକେଲ, ମଟର ସାଇକେଲ ଯାତାୟାତ କରୁଥିବା ବେଳେ ଏହି ମୁଖ୍ୟ ରାସ୍ତା ଦେଇ ଯିବା ଆସିବା କରୁଥିବା ଜନ ସାଧାରଣ ଲୋକ ଅସନ୍ତୋଷ ଦେଖାଇବାକୁ ମିଳିଛି କିଏ ଏହି ମୁଖ୍ୟ ରାସ୍ତା ଗାତ ରେ ଆଳିଆ ଆବର୍ଜନା କୁ ପକାଉଛି ତାହା ବୁଝା ପଡୁ ନାହିଁ ସ୍ଥାନୀୟ ସରପଞ୍ଚ ଜିତେନ୍ଦ୍ର ବଛା କହିଛନ୍ତି ଏହା ବିଷୟ ରେ ଜାଣିବାପରେ ସେ ଉଚ୍ଚତର ଅଧିକାରୀ ମାନଙ୍କୁ ଜଣାଇବେ ବୋଲି କହିଛନ୍ତି। ତୁରନ୍ତ ପଞ୍ଚାୟତ ପ୍ରଶାସନ ଓ ବ୍ଲକ ପ୍ରଶାସନ ଏହାରି ଉପରେ ଦୃଷ୍ଟି ଦେଇ ମୁଖ୍ୟ ରାସ୍ତା ରେ ଗଦା ହୋଇ ଥିବା ଆଳିଆ ଆବର୍ଜନା କୁ ହଟାଇବା ପାଇଁ ଗ୍ରାମବାସି ମାନେ ଦାବି କରିଛନ୍ତି।
ଟିଟିଲାଗଡ ବଣିକ ସଂଘର ନୂତନ କର୍ମକର୍ତ୍ତାଙ୍କ
ଶପଥ ଗ୍ରହଣ
ଟିଟିଲାଗଡ଼(ଆଦ୍ୟାଶା)୨୯/୦୫:ଗୁରୁବାର ସନ୍ଧ୍ୟାରେ ଟିଟିଲାଗଡ଼ ର ଏକ ରିସର୍ଟ ଠାରେ ଅନୁଷ୍ଠିତ ଟିଟିଲାଗଡ଼ ବଣିକ ସଂଘର ନୂତନ କର୍ମକର୍ତ୍ତାଙ୍କ ଶପଥ ଗ୍ରହଣ ସମାରୋହ ଅନୁଷ୍ଠିତ ହୋଇଯାଇଛି। ଏହି ଅବସରରେ ମୁଖ୍ୟ ଅତିଥି ଭାବେ ଟିଟିଲାଗଡ ବିଧାୟକ ଶ୍ରୀଯୁକ୍ତ ନବୀନ କୁମାର ଜୈନ, ସମ୍ମାନିତ ଅତିଥି ଭାବେ ଓ କନଫେଡେରେସନ୍ ଅଫ ଅଲ୍ ଇଣ୍ଡିଆ ଟ୍ରେଡର୍ସ ରାଜ୍ୟ ସଭାପତି ଶ୍ରୀ ଜିତେନ୍ଦ୍ର କୁମାର ଗୁପ୍ତା, ମୁଖ୍ୟ ବକ୍ତା ଭାବେ କନଫେଡେରେସନ ଅଫ ଅଲ ଇଣ୍ଡିଆ ଟ୍ରେଡର୍ସର ଉପ ସଭାପତି ଶ୍ରୀ ରାଜ କୁମାର ଶୁକ୍ଲା , ସଭାପତି ଶ୍ରୀ ଶମ୍ଭୁ ପ୍ରସାଦ ଗୋଏଲ,ଉପ ସଭାପତି ସନ୍ତୋଷ ସୋନି, ପୂର୍ବତନ ସଭାପତି ଶ୍ରୀଯୁକ୍ତ ଦ୍ୱିବାଶ ସଖାଙ୍କ,ସଚିବ ଗୋପାଳ କୁମାର ଜୈନ,ଯୁଗ୍ମ ସଚିବ ଅମନ କୁମାର ଗୋଏଲ, କୋଷାଧ୍ୟକ୍ଷ ସତ୍ୟନାରାୟଣ ଅଗ୍ରୱାଲ ମଞ୍ଚାସୀନ ଥିଲେ। ଏହି ଅବସରରେ ଅନ୍ୟ ମାନଙ୍କ ମଧ୍ୟରେ ନିର୍ବାଚିତ,ଚୟନିତ ହୋଇଥିବା ସମସ୍ତ କାର୍ଯ୍ୟକାରିଣୀ ସଦସ୍ୟ ଓ ସାଧାରଣ ସଦସ୍ୟଙ୍କ ସହିତ ସହରର ମାନ୍ୟଗଣ୍ୟ ବ୍ୟକ୍ତି ବିଶେଷ ଉପସ୍ଥିତ ଥିଲେ। ପ୍ରଥମେ ପ୍ରଭୁ ଶ୍ରୀ ଗଣେଶଙ୍କ ଫଟୋ ଚିତ୍ରରେ ପୁଷ୍ପମାଲ୍ୟ ଓ ପ୍ରଦୀପ୍ତନ ପରେ ପ୍ରଭୁ ଜଗନ୍ନାଥଙ୍କ ଭଜନରେ ଦେବ୍ୟିଁ ସ୍ୱାଗତ ଏବଂ ବିଶେଷ ଗୁରୁତ୍ୱ ପକ୍ଷରୁ ପ୍ରାରମ୍ଭିକ ନୃତ୍ୟ ପରିବେଷଣ କରାଯାଇଥିଲା। ନୂତନ ଭାବେ ନିର୍ବାଚିତ ହେବା ପରେ ସ୍ୱାଗତ ଅଭିଭାଷଣ ପ୍ରଦାନ କରିଥିଲେ ସଭାପତି ଶମ୍ଭୁ ପ୍ରସାଦ ଗୋଏଲ। ଶ୍ରୀ ଗୋଏଲ ବ୍ୟବସାୟୀ ମାନେ ଯେଉଁ ଅସୁବିଧାର ସମ୍ମୁଖୀନ ହେଉଛନ୍ତି ସେ ବିଷୟରେ କହିବା ସହ ଅନଲାଇନ ବ୍ୟାପାର ପାଇଁ ଲୋକାଲ ବ୍ୟବସାୟୀ ବହୁତ କ୍ଷତି ସହୁଛନ୍ତି ସେ ଦିଗରେ ସମାଧାନର ରାସ୍ତା ବାହାର କରିବାକୁ ନିବେଦନ କରିଥିଲେ। ସେହିପରି ମୁଖ୍ୟ ଅତିଥି ବିଧାୟକ ଶ୍ରୀଯୁକ୍ତ ନବୀନ ଜୈନ ଟିଟିଲାଗଡ଼ ର ବ୍ୟବସାୟିକ ଉନ୍ନତି, ଏକତା ଓ ସମୃଦ୍ଧି ପାଇଁ ସମସ୍ତଙ୍କ ମିଳିତ ପ୍ରୟାସର ଆବଶ୍ୟକତା ଉପରେ ମତ ପ୍ରକାଶ କରିଥିଲେ। ଶପଥ ଗ୍ରହଣ ସମାରୋହ ସଫଳ ଭାବେ ସମ୍ପନ୍ନ ହୋଇଥିବାରୁ ଉପସ୍ଥିତ ସମସ୍ତଙ୍କୁ ବଣିକ ସଂଘ ପକ୍ଷରୁ ଧନ୍ୟବାଦ ଜ୍ଞାପନ କରାଯାଇଥିଲା।
